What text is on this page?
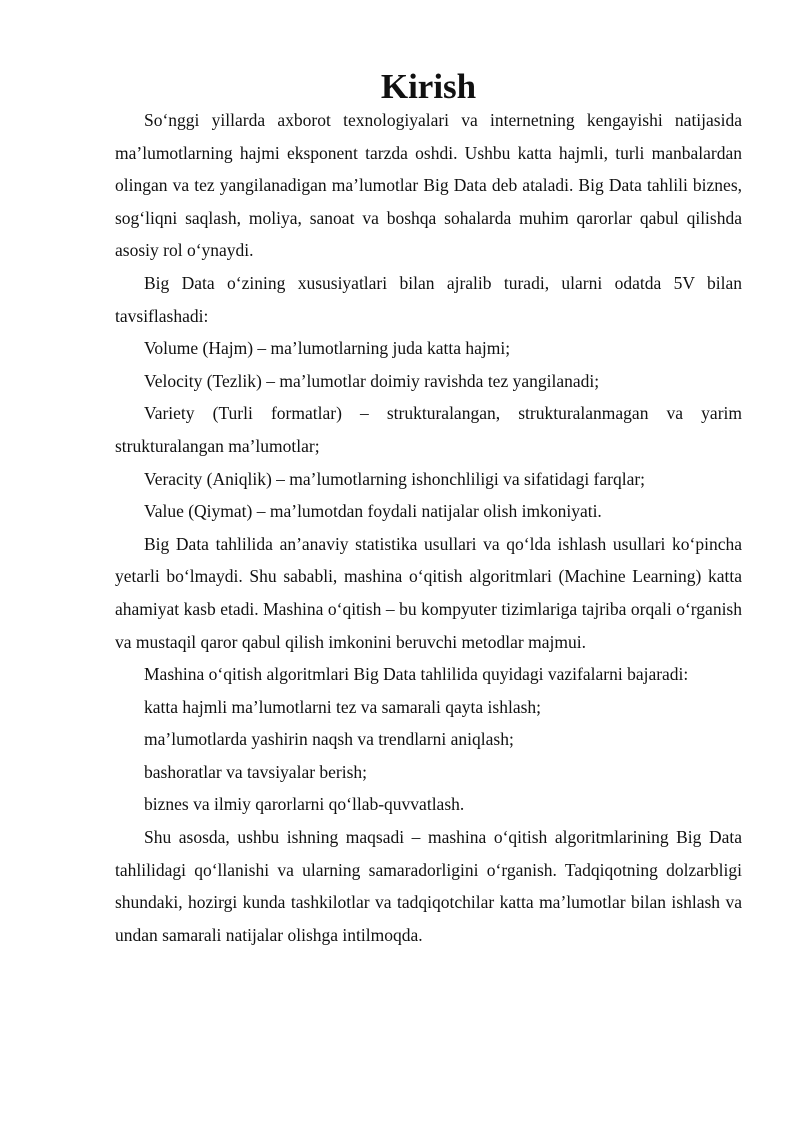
Kirish

So‘nggi yillarda axborot texnologiyalari va internetning kengayishi natijasida ma’lumotlarning hajmi eksponent tarzda oshdi. Ushbu katta hajmli, turli manbalardan olingan va tez yangilanadigan ma’lumotlar Big Data deb ataladi. Big Data tahlili biznes, sog‘liqni saqlash, moliya, sanoat va boshqa sohalarda muhim qarorlar qabul qilishda asosiy rol o‘ynaydi.

Big Data o‘zining xususiyatlari bilan ajralib turadi, ularni odatda 5V bilan tavsiflashadi:

Volume (Hajm) – ma’lumotlarning juda katta hajmi;

Velocity (Tezlik) – ma’lumotlar doimiy ravishda tez yangilanadi;

Variety (Turli formatlar) – strukturalangan, strukturalanmagan va yarim strukturalangan ma’lumotlar;

Veracity (Aniqlik) – ma’lumotlarning ishonchliligi va sifatidagi farqlar;

Value (Qiymat) – ma’lumotdan foydali natijalar olish imkoniyati.

Big Data tahlilida an’anaviy statistika usullari va qo‘lda ishlash usullari ko‘pincha yetarli bo‘lmaydi. Shu sababli, mashina o‘qitish algoritmlari (Machine Learning) katta ahamiyat kasb etadi. Mashina o‘qitish – bu kompyuter tizimlariga tajriba orqali o‘rganish va mustaqil qaror qabul qilish imkonini beruvchi metodlar majmui.

Mashina o‘qitish algoritmlari Big Data tahlilida quyidagi vazifalarni bajaradi:

katta hajmli ma’lumotlarni tez va samarali qayta ishlash;

ma’lumotlarda yashirin naqsh va trendlarni aniqlash;

bashoratlar va tavsiyalar berish;

biznes va ilmiy qarorlarni qo‘llab-quvvatlash.

Shu asosda, ushbu ishning maqsadi – mashina o‘qitish algoritmlarining Big Data tahlilidagi qo‘llanishi va ularning samaradorligini o‘rganish. Tadqiqotning dolzarbligi shundaki, hozirgi kunda tashkilotlar va tadqiqotchilar katta ma’lumotlar bilan ishlash va undan samarali natijalar olishga intilmoqda.
